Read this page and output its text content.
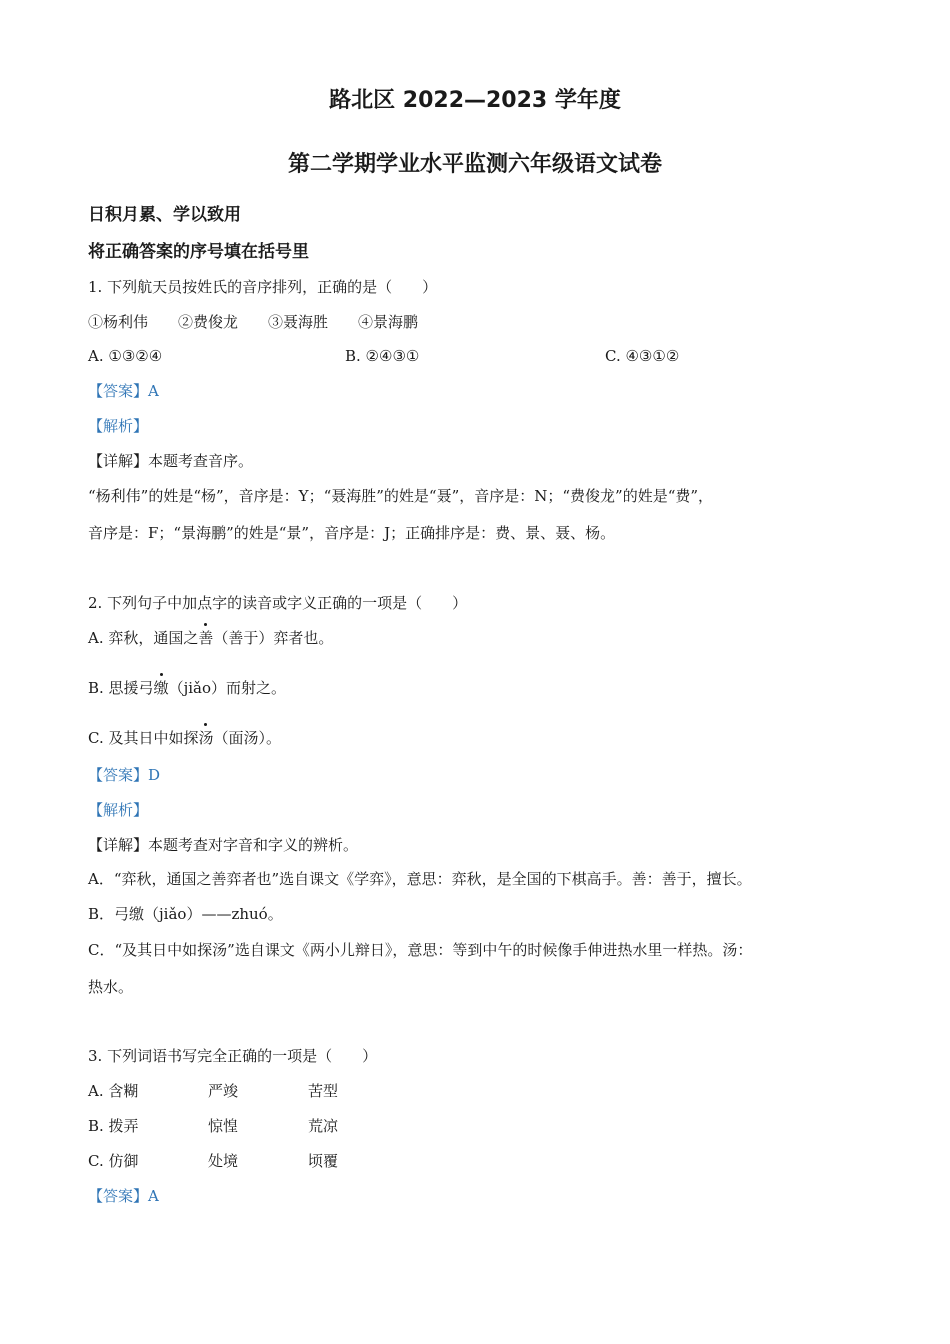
路北区 2022—2023 学年度
第二学期学业水平监测六年级语文试卷
日积月累、学以致用
将正确答案的序号填在括号里
1. 下列航天员按姓氏的音序排列，正确的是（　　）
①杨利伟　　②费俊龙　　③聂海胜　　④景海鹏
A. ①③②④	B. ②④③①	C. ④③①②
【答案】A
【解析】
【详解】本题考查音序。
“杨利伟”的姓是“杨”，音序是：Y；“聂海胜”的姓是“聂”，音序是：N；“费俊龙”的姓是“费”，
音序是：F；“景海鹏”的姓是“景”，音序是：J；正确排序是：费、景、聂、杨。
2. 下列句子中加点字的读音或字义正确的一项是（　　）
A. 弈秋，通国之善（善于）弈者也。
B. 思援弓缴（jiǎo）而射之。
C. 及其日中如探汤（面汤）。
【答案】D
【解析】
【详解】本题考查对字音和字义的辨析。
A．“弈秋，通国之善弈者也”选自课文《学弈》，意思：弈秋，是全国的下棋高手。善：善于，擅长。
B．弓缴（jiǎo）——zhuó。
C．“及其日中如探汤”选自课文《两小儿辩日》，意思：等到中午的时候像手伸进热水里一样热。汤：
热水。
3. 下列词语书写完全正确的一项是（　　）
A. 含糊	严竣	苦型
B. 拨弄	惊惶	荒凉
C. 仿御	处境	顷覆
【答案】A
